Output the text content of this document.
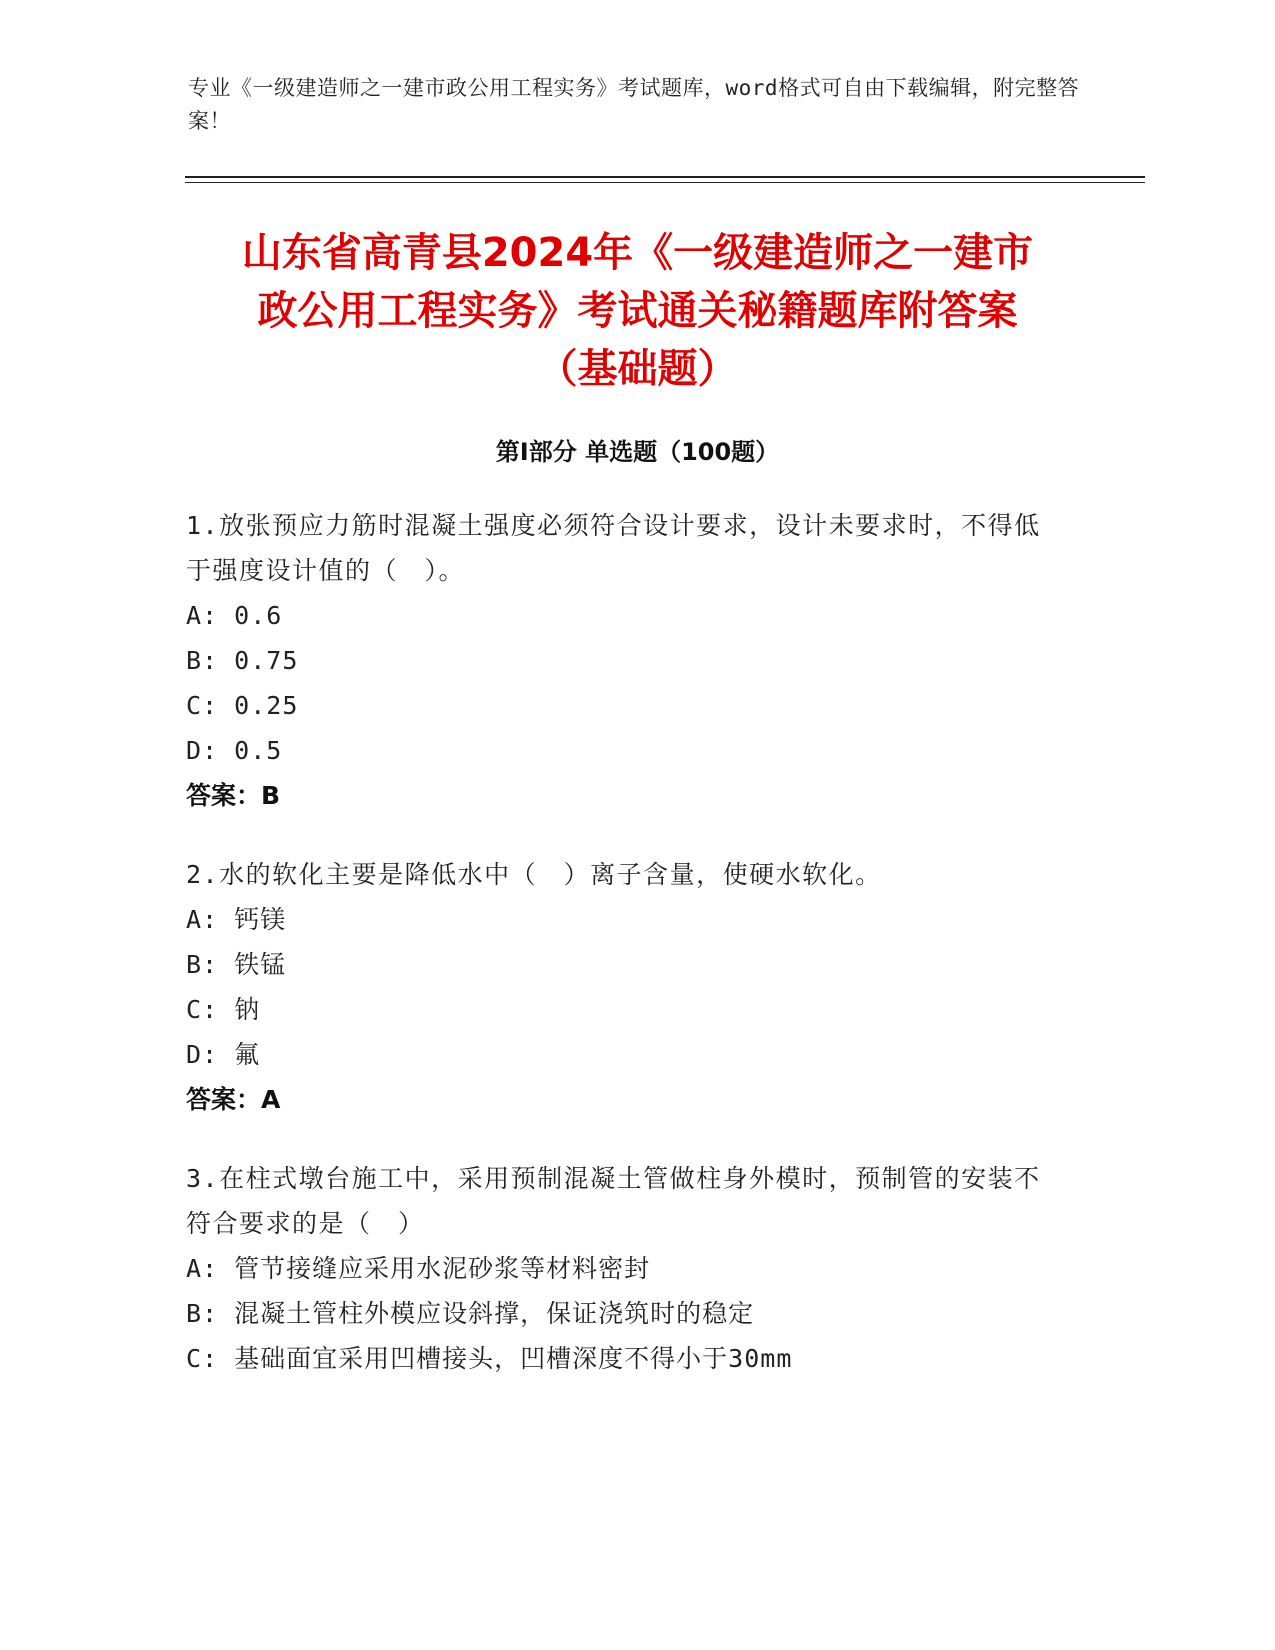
专业《一级建造师之一建市政公用工程实务》考试题库，word格式可自由下载编辑，附完整答案！
山东省高青县2024年《一级建造师之一建市
政公用工程实务》考试通关秘籍题库附答案
（基础题）
第I部分 单选题（100题）
1.放张预应力筋时混凝土强度必须符合设计要求，设计未要求时，不得低于强度设计值的（　）。
A: 0.6
B: 0.75
C: 0.25
D: 0.5
答案：B
2.水的软化主要是降低水中（　）离子含量，使硬水软化。
A: 钙镁
B: 铁锰
C: 钠
D: 氟
答案：A
3.在柱式墩台施工中，采用预制混凝土管做柱身外模时，预制管的安装不符合要求的是（　）
A: 管节接缝应采用水泥砂浆等材料密封
B: 混凝土管柱外模应设斜撑，保证浇筑时的稳定
C: 基础面宜采用凹槽接头，凹槽深度不得小于30mm
